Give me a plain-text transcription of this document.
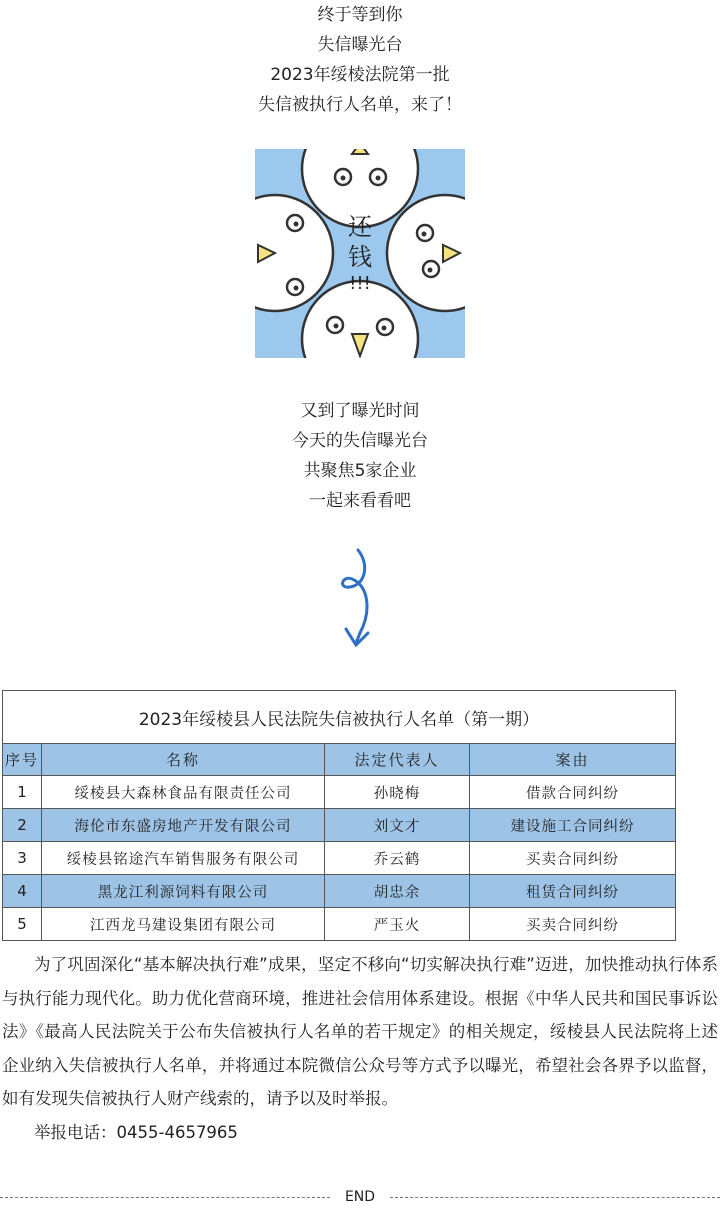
终于等到你
失信曝光台
2023年绥棱法院第一批
失信被执行人名单，来了！
还
钱
!!!
又到了曝光时间
今天的失信曝光台
共聚焦5家企业
一起来看看吧
2023年绥棱县人民法院失信被执行人名单（第一期）			
序号	名称	法定代表人	案由
1	绥棱县大森林食品有限责任公司	孙晓梅	借款合同纠纷
2	海伦市东盛房地产开发有限公司	刘文才	建设施工合同纠纷
3	绥棱县铭途汽车销售服务有限公司	乔云鹤	买卖合同纠纷
4	黑龙江利源饲料有限公司	胡忠余	租赁合同纠纷
5	江西龙马建设集团有限公司	严玉火	买卖合同纠纷

为了巩固深化“基本解决执行难”成果，坚定不移向“切实解决执行难”迈进，加快推动执行体系与执行能力现代化。助力优化营商环境，推进社会信用体系建设。根据《中华人民共和国民事诉讼法》《最高人民法院关于公布失信被执行人名单的若干规定》的相关规定，绥棱县人民法院将上述企业纳入失信被执行人名单，并将通过本院微信公众号等方式予以曝光，希望社会各界予以监督，如有发现失信被执行人财产线索的，请予以及时举报。

举报电话：0455-4657965

END
